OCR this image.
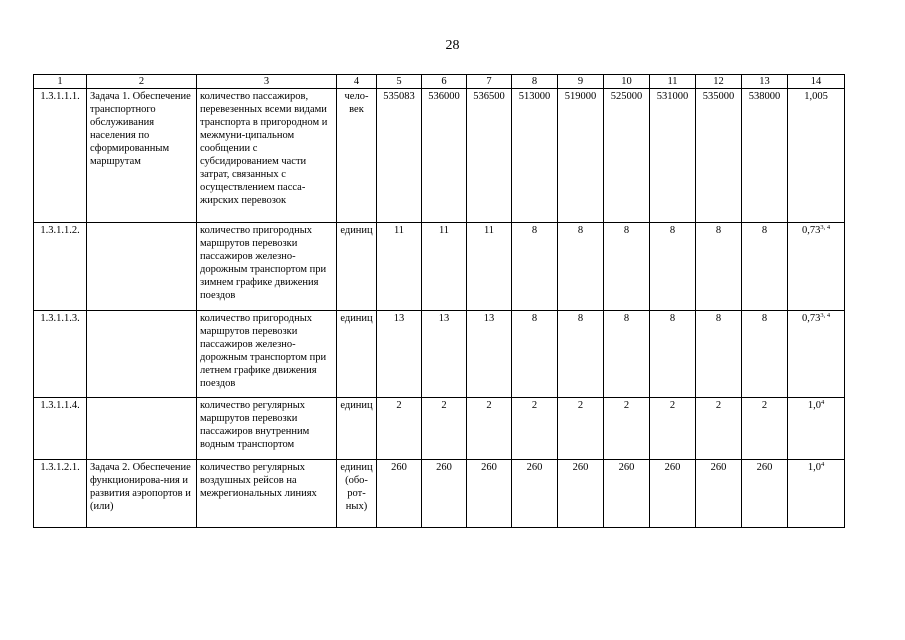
28
1	2	3	4	5	6	7	8	9	10	11	12	13	14
1.3.1.1.1.	Задача 1. Обеспечение транспортного обслуживания населения по сформированным маршрутам	количество пассажиров, перевезенных всеми видами транспорта в пригородном и межмуни-ципальном сообщении с субсидированием части затрат, связанных с осуществлением пасса-жирских перевозок	чело-век	535083	536000	536500	513000	519000	525000	531000	535000	538000	1,005
1.3.1.1.2.		количество пригородных маршрутов перевозки пассажиров железно-дорожным транспортом при зимнем графике движения поездов	единиц	11	11	11	8	8	8	8	8	8	0,73$^{3, 4}$
1.3.1.1.3.		количество пригородных маршрутов перевозки пассажиров железно-дорожным транспортом при летнем графике движения поездов	единиц	13	13	13	8	8	8	8	8	8	0,73$^{3, 4}$
1.3.1.1.4.		количество регулярных маршрутов перевозки пассажиров внутренним водным транспортом	единиц	2	2	2	2	2	2	2	2	2	$1,0^4$
1.3.1.2.1.	Задача 2. Обеспечение функционирова-ния и развития аэропортов и (или)	количество регулярных воздушных рейсов на межрегиональных линиях	единиц (обо-рот-ных)	260	260	260	260	260	260	260	260	260	$1,0^4$
